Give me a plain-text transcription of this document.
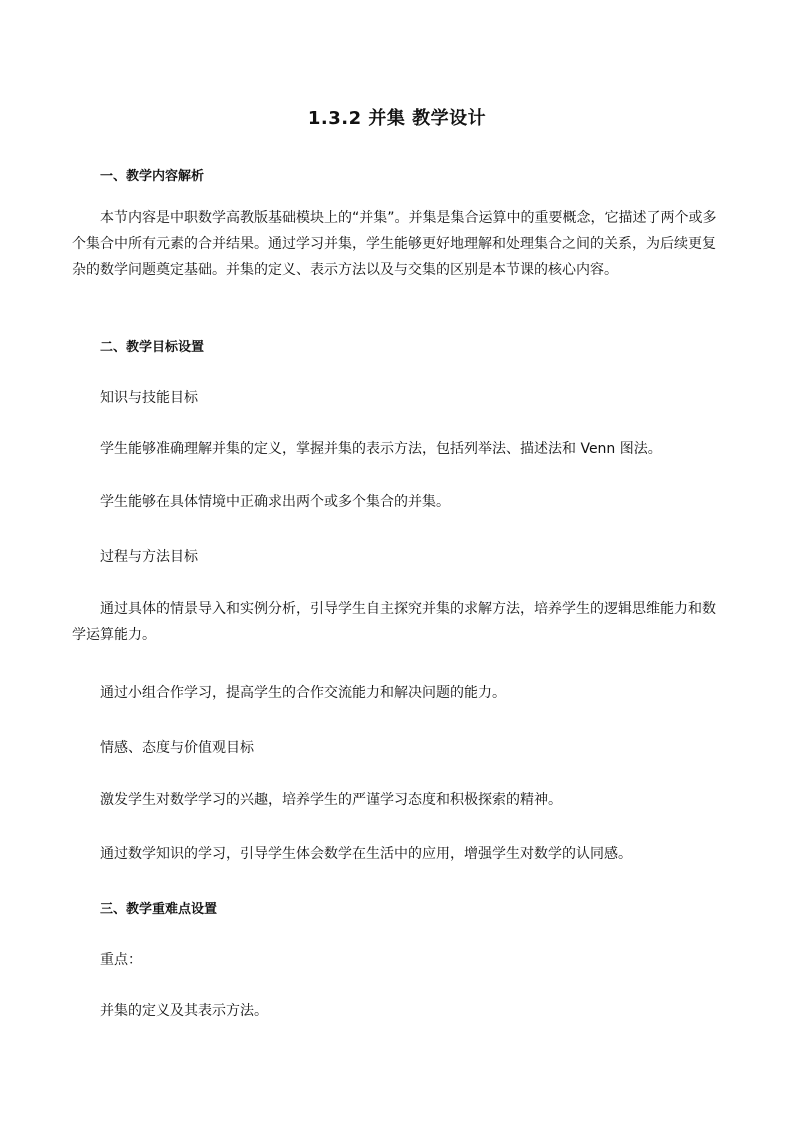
1.3.2 并集 教学设计
一、教学内容解析
本节内容是中职数学高教版基础模块上的“并集”。并集是集合运算中的重要概念，它描述了两个或多个集合中所有元素的合并结果。通过学习并集，学生能够更好地理解和处理集合之间的关系，为后续更复杂的数学问题奠定基础。并集的定义、表示方法以及与交集的区别是本节课的核心内容。
二、教学目标设置
知识与技能目标
学生能够准确理解并集的定义，掌握并集的表示方法，包括列举法、描述法和 Venn 图法。
学生能够在具体情境中正确求出两个或多个集合的并集。
过程与方法目标
通过具体的情景导入和实例分析，引导学生自主探究并集的求解方法，培养学生的逻辑思维能力和数学运算能力。
通过小组合作学习，提高学生的合作交流能力和解决问题的能力。
情感、态度与价值观目标
激发学生对数学学习的兴趣，培养学生的严谨学习态度和积极探索的精神。
通过数学知识的学习，引导学生体会数学在生活中的应用，增强学生对数学的认同感。
三、教学重难点设置
重点：
并集的定义及其表示方法。
